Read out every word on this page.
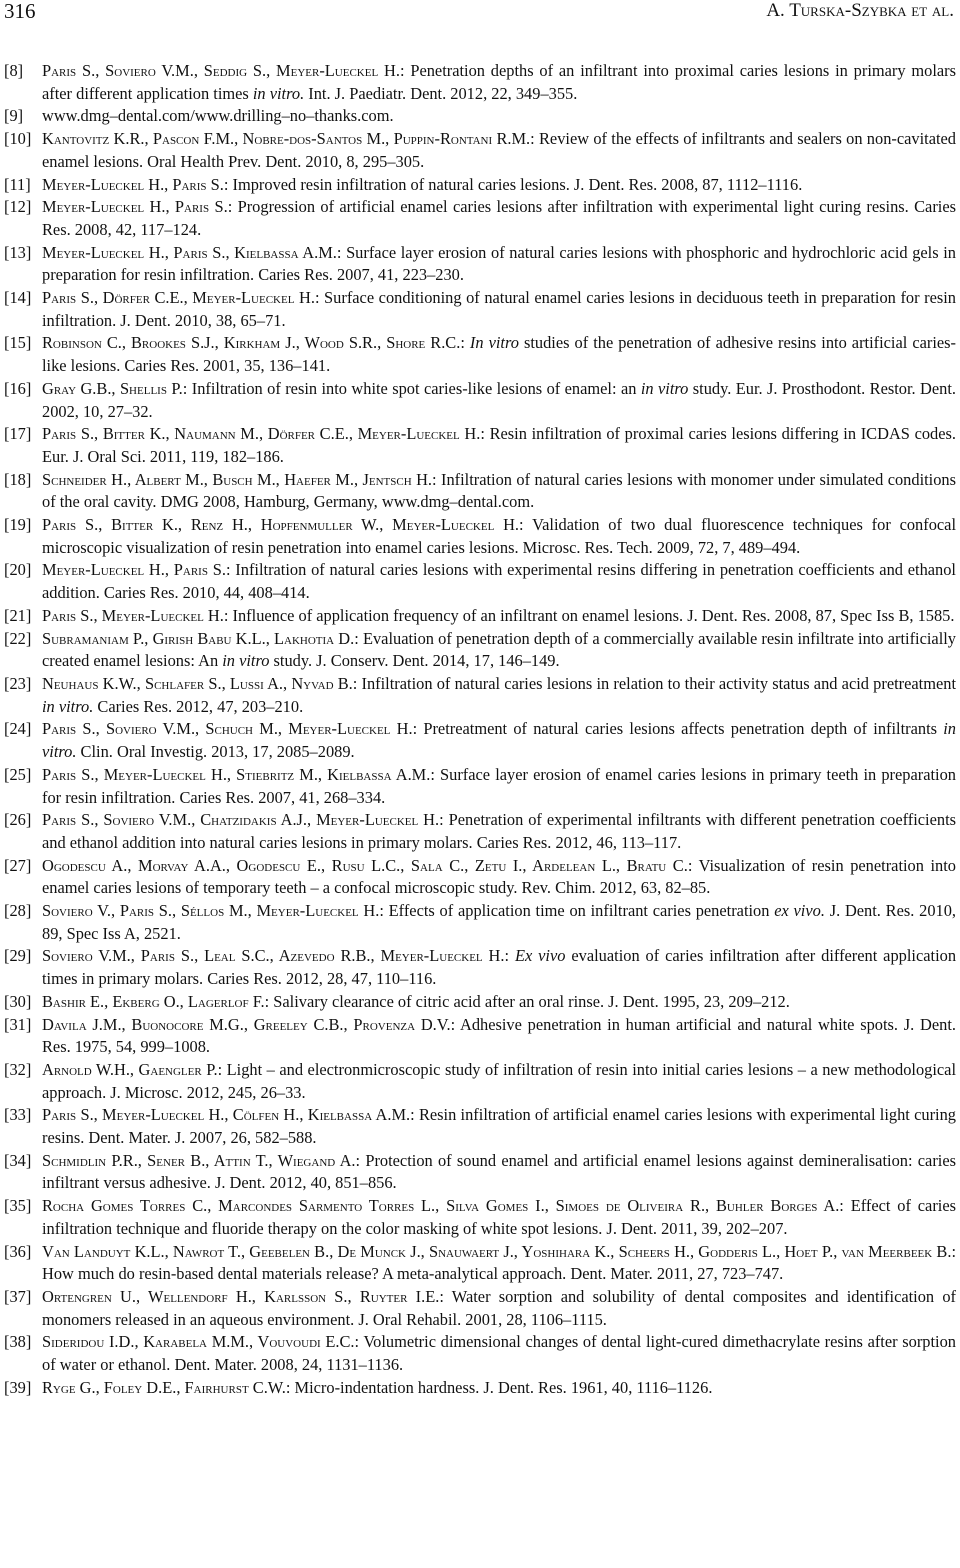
316	A. Turska-Szybka et al.
[8] Paris S., Soviero V.M., Seddig S., Meyer-Lueckel H.: Penetration depths of an infiltrant into proximal caries lesions in primary molars after different application times in vitro. Int. J. Paediatr. Dent. 2012, 22, 349–355.
[9] www.dmg–dental.com/www.drilling–no–thanks.com.
[10] Kantovitz K.R., Pascon F.M., Nobre-dos-Santos M., Puppin-Rontani R.M.: Review of the effects of infiltrants and sealers on non-cavitated enamel lesions. Oral Health Prev. Dent. 2010, 8, 295–305.
[11] Meyer-Lueckel H., Paris S.: Improved resin infiltration of natural caries lesions. J. Dent. Res. 2008, 87, 1112–1116.
[12] Meyer-Lueckel H., Paris S.: Progression of artificial enamel caries lesions after infiltration with experimental light curing resins. Caries Res. 2008, 42, 117–124.
[13] Meyer-Lueckel H., Paris S., Kielbassa A.M.: Surface layer erosion of natural caries lesions with phosphoric and hydrochloric acid gels in preparation for resin infiltration. Caries Res. 2007, 41, 223–230.
[14] Paris S., Dörfer C.E., Meyer-Lueckel H.: Surface conditioning of natural enamel caries lesions in deciduous teeth in preparation for resin infiltration. J. Dent. 2010, 38, 65–71.
[15] Robinson C., Brookes S.J., Kirkham J., Wood S.R., Shore R.C.: In vitro studies of the penetration of adhesive resins into artificial caries-like lesions. Caries Res. 2001, 35, 136–141.
[16] Gray G.B., Shellis P.: Infiltration of resin into white spot caries-like lesions of enamel: an in vitro study. Eur. J. Prosthodont. Restor. Dent. 2002, 10, 27–32.
[17] Paris S., Bitter K., Naumann M., Dörfer C.E., Meyer-Lueckel H.: Resin infiltration of proximal caries lesions differing in ICDAS codes. Eur. J. Oral Sci. 2011, 119, 182–186.
[18] Schneider H., Albert M., Busch M., Haefer M., Jentsch H.: Infiltration of natural caries lesions with monomer under simulated conditions of the oral cavity. DMG 2008, Hamburg, Germany, www.dmg–dental.com.
[19] Paris S., Bitter K., Renz H., Hopfenmuller W., Meyer-Lueckel H.: Validation of two dual fluorescence techniques for confocal microscopic visualization of resin penetration into enamel caries lesions. Microsc. Res. Tech. 2009, 72, 7, 489–494.
[20] Meyer-Lueckel H., Paris S.: Infiltration of natural caries lesions with experimental resins differing in penetration coefficients and ethanol addition. Caries Res. 2010, 44, 408–414.
[21] Paris S., Meyer-Lueckel H.: Influence of application frequency of an infiltrant on enamel lesions. J. Dent. Res. 2008, 87, Spec Iss B, 1585.
[22] Subramaniam P., Girish Babu K.L., Lakhotia D.: Evaluation of penetration depth of a commercially available resin infiltrate into artificially created enamel lesions: An in vitro study. J. Conserv. Dent. 2014, 17, 146–149.
[23] Neuhaus K.W., Schlafer S., Lussi A., Nyvad B.: Infiltration of natural caries lesions in relation to their activity status and acid pretreatment in vitro. Caries Res. 2012, 47, 203–210.
[24] Paris S., Soviero V.M., Schuch M., Meyer-Lueckel H.: Pretreatment of natural caries lesions affects penetration depth of infiltrants in vitro. Clin. Oral Investig. 2013, 17, 2085–2089.
[25] Paris S., Meyer-Lueckel H., Stiebritz M., Kielbassa A.M.: Surface layer erosion of enamel caries lesions in primary teeth in preparation for resin infiltration. Caries Res. 2007, 41, 268–334.
[26] Paris S., Soviero V.M., Chatzidakis A.J., Meyer-Lueckel H.: Penetration of experimental infiltrants with different penetration coefficients and ethanol addition into natural caries lesions in primary molars. Caries Res. 2012, 46, 113–117.
[27] Ogodescu A., Morvay A.A., Ogodescu E., Rusu L.C., Sala C., Zetu I., Ardelean L., Bratu C.: Visualization of resin penetration into enamel caries lesions of temporary teeth – a confocal microscopic study. Rev. Chim. 2012, 63, 82–85.
[28] Soviero V., Paris S., Séllos M., Meyer-Lueckel H.: Effects of application time on infiltrant caries penetration ex vivo. J. Dent. Res. 2010, 89, Spec Iss A, 2521.
[29] Soviero V.M., Paris S., Leal S.C., Azevedo R.B., Meyer-Lueckel H.: Ex vivo evaluation of caries infiltration after different application times in primary molars. Caries Res. 2012, 28, 47, 110–116.
[30] Bashir E., Ekberg O., Lagerlof F.: Salivary clearance of citric acid after an oral rinse. J. Dent. 1995, 23, 209–212.
[31] Davila J.M., Buonocore M.G., Greeley C.B., Provenza D.V.: Adhesive penetration in human artificial and natural white spots. J. Dent. Res. 1975, 54, 999–1008.
[32] Arnold W.H., Gaengler P.: Light – and electronmicroscopic study of infiltration of resin into initial caries lesions – a new methodological approach. J. Microsc. 2012, 245, 26–33.
[33] Paris S., Meyer-Lueckel H., Cölfen H., Kielbassa A.M.: Resin infiltration of artificial enamel caries lesions with experimental light curing resins. Dent. Mater. J. 2007, 26, 582–588.
[34] Schmidlin P.R., Sener B., Attin T., Wiegand A.: Protection of sound enamel and artificial enamel lesions against demineralisation: caries infiltrant versus adhesive. J. Dent. 2012, 40, 851–856.
[35] Rocha Gomes Torres C., Marcondes Sarmento Torres L., Silva Gomes I., Simoes de Oliveira R., Buhler Borges A.: Effect of caries infiltration technique and fluoride therapy on the color masking of white spot lesions. J. Dent. 2011, 39, 202–207.
[36] Van Landuyt K.L., Nawrot T., Geebelen B., De Munck J., Snauwaert J., Yoshihara K., Scheers H., Godderis L., Hoet P., van Meerbeek B.: How much do resin-based dental materials release? A meta-analytical approach. Dent. Mater. 2011, 27, 723–747.
[37] Ortengren U., Wellendorf H., Karlsson S., Ruyter I.E.: Water sorption and solubility of dental composites and identification of monomers released in an aqueous environment. J. Oral Rehabil. 2001, 28, 1106–1115.
[38] Sideridou I.D., Karabela M.M., Vouvoudi E.C.: Volumetric dimensional changes of dental light-cured dimethacrylate resins after sorption of water or ethanol. Dent. Mater. 2008, 24, 1131–1136.
[39] Ryge G., Foley D.E., Fairhurst C.W.: Micro-indentation hardness. J. Dent. Res. 1961, 40, 1116–1126.
